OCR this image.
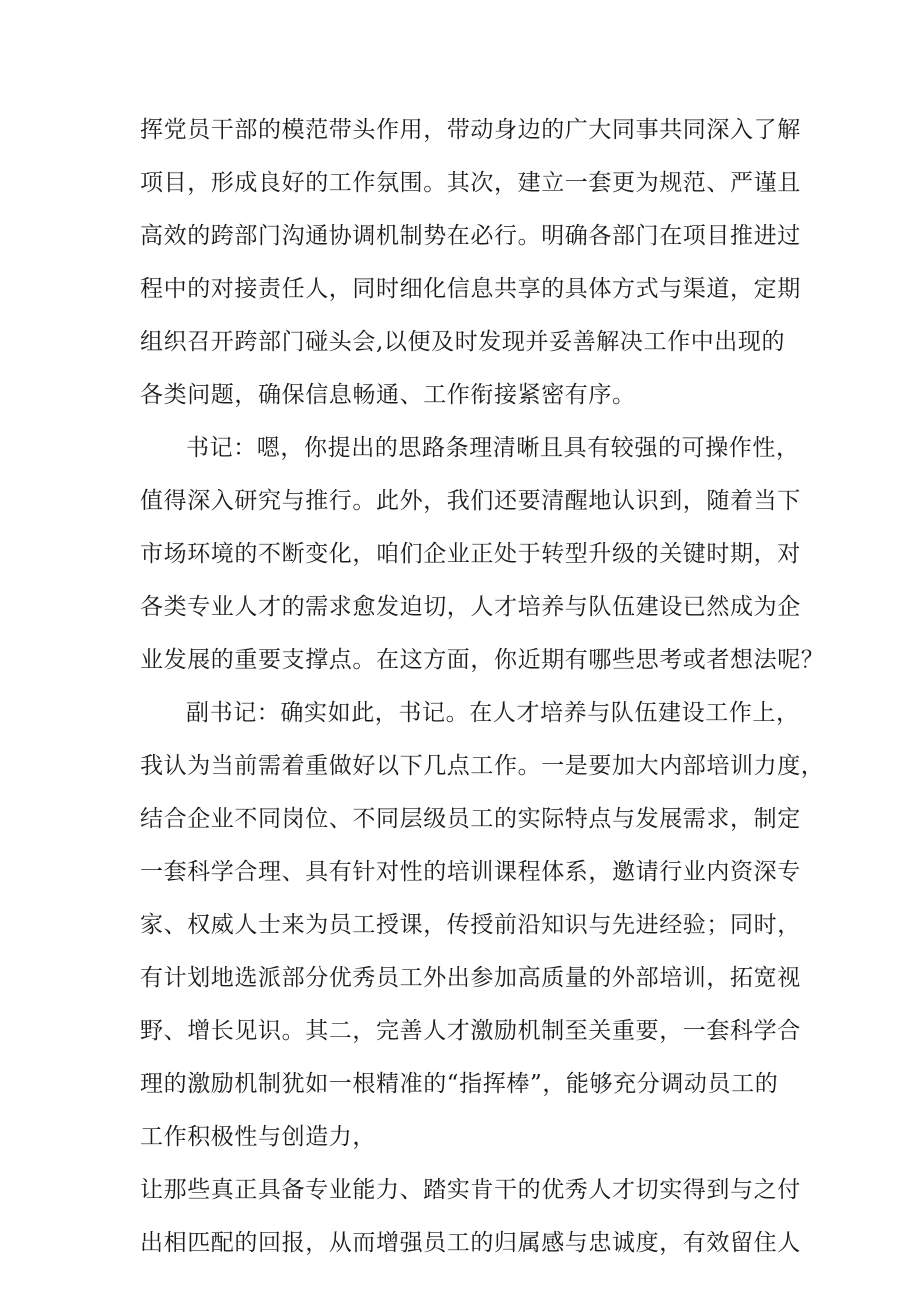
挥党员干部的模范带头作用，带动身边的广大同事共同深入了解
项目，形成良好的工作氛围。其次，建立一套更为规范、严谨且
高效的跨部门沟通协调机制势在必行。明确各部门在项目推进过
程中的对接责任人，同时细化信息共享的具体方式与渠道，定期
组织召开跨部门碰头会,以便及时发现并妥善解决工作中出现的
各类问题，确保信息畅通、工作衔接紧密有序。
书记：嗯，你提出的思路条理清晰且具有较强的可操作性，
值得深入研究与推行。此外，我们还要清醒地认识到，随着当下
市场环境的不断变化，咱们企业正处于转型升级的关键时期，对
各类专业人才的需求愈发迫切，人才培养与队伍建设已然成为企
业发展的重要支撑点。在这方面，你近期有哪些思考或者想法呢？
副书记：确实如此，书记。在人才培养与队伍建设工作上，
我认为当前需着重做好以下几点工作。一是要加大内部培训力度，
结合企业不同岗位、不同层级员工的实际特点与发展需求，制定
一套科学合理、具有针对性的培训课程体系，邀请行业内资深专
家、权威人士来为员工授课，传授前沿知识与先进经验；同时，
有计划地选派部分优秀员工外出参加高质量的外部培训，拓宽视
野、增长见识。其二，完善人才激励机制至关重要，一套科学合
理的激励机制犹如一根精准的“指挥棒”，能够充分调动员工的
工作积极性与创造力，
让那些真正具备专业能力、踏实肯干的优秀人才切实得到与之付
出相匹配的回报，从而增强员工的归属感与忠诚度，有效留住人
